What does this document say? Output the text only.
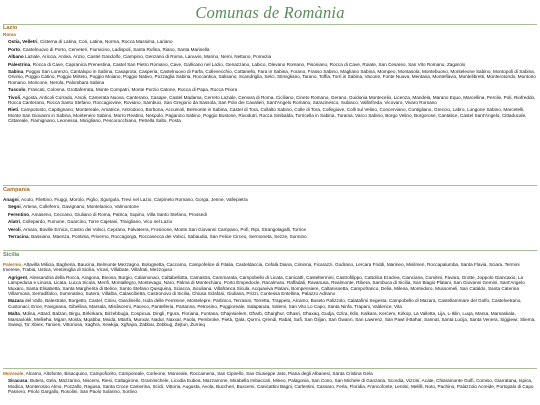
Comunas de Romània
Lazio

Roma

Ostia, Velletri, Cisterna di Latina, Cori, Latina, Norma, Rocca Massima, Lariano

Porto, Castelnuovo di Porto, Cerveteri, Fiumicino, Ladispoli, Santa Rufina, Riano, Santa Marinella

Albano Laziale, Ariccia, Ardea, Anzio, Castel Gandolfo, Ciampino, Genzano di Roma, Lanuvio, Marino, Nemi, Nettuno, Pomezia

Palestrina, Rocca di Cave, Capranica Prenestina, Castel San Pietro Romano, Cave, Gallicano nel Lazio, Genazzano, Labico, Olevano Romano, Pisoniano, Rocca di Cave, Roiate, San Cesareo, San Vito Romano, Zagarolo

Sabina, Poggio San Lorenzo, Cantalupo in Sabina, Casaprota, Casperia, Castelnuovo di Farfa, Collevecchio, Cottanello, Fara in Sabina, Forano, Frasso Sabino, Magliano Sabina, Mompeo, Montasola, Montebuono, Monteleone Sabino, Montopoli di Sabina, Orvinio, Poggio Catino, Poggio Mirteto, Poggio Moiano, Poggio Nativo, Pozzaglia Sabina, Roccantica, Salisano, Scandriglia, Selci, Stimigliano, Tarano, Toffia, Torri in Sabina, Vacone, Fonte Nuova, Mentana, Monteflavio, Montelibretti, Monterotondo, Montorio Romano, Moricone, Nerola, Palombara Sabina

Tuscolo, Frascati, Colonna, Grottaferrata, Monte Compatri, Monte Porzio Catone, Rocca di Papa, Rocca Priora

Tivoli, Agosta, Anticoli Corrado, Arsoli, Camerata Nuova, Canterano, Casape, Castel Madama, Cerreto Laziale, Cervara di Roma, Ciciliano, Cineto Romano, Gerano, Guidonia Montecelio, Licenza, Mandela, Marano Equo, Marcellina, Percile, Poli, Riofreddo, Rocca Canterano, Rocca Santo Stefano, Roccagiovine, Roviano, Sambuci, San Gregorio da Sassola, San Polo dei Cavalieri, Sant'Angelo Romano, Saracinesco, Subiaco, Vallinfreda, Vicovaro, Vivaro Romano

Rieti, Campotosto, Capitignano, Montereale, Amatrice, Antrodoco, Borbona, Accumoli, Belmonte in Sabina, Castel di Tora, Collalto Sabino, Colle di Tora, Collegiove, Colli sul Velino, Concerviano, Contigliano, Greccio, Labro, Longone Sabino, Marcetelli, Monte San Giovanni in Sabina, Montenero Sabino, Morro Reatino, Nespolo, Paganico Sabino, Poggio Bustone, Rivodutri, Rocca Sinibalda, Torricella in Sabina, Turania, Varco Sabino, Borgo Velino, Borgorose, Cantalice, Castel Sant'Angelo, Cittaducale, Cittareale, Fiamignano, Leonessa, Micigliano, Pescorocchiano, Petrella Salto, Posta

Campania

Anagni, Acuto, Filettino, Fiuggi, Morolo, Piglio, Sgurgola, Trevi nel Lazio, Carpineto Romano, Gorga, Jenne, Vallepietra

Segni, Artena, Colleferro, Gavignano, Montelanico, Valmontone

Ferentino, Amaseno, Ceccano, Giuliano di Roma, Patrica, Supino, Villa Santo Stefano, Prossedi

Alatri, Collepardo, Fumone, Guarcino, Torre Cajetani, Trivigliano, Vico nel Lazio

Veroli, Arnara, Boville Ernica, Castro dei Volsci, Ceprano, Falvaterra, Frosinone, Monte San Giovanni Campano, Pofi, Ripi, Strangolagalli, Torrice

Terracina, Bassiano, Maenza, Pontinia, Priverno, Roccagorga, Roccasecca dei Volsci, Sabaudia, San Felice Circeo, Sermoneta, Sezze, Sonnino

Sicilia

Palermo, Altavilla Milicia, Bagheria, Baucina, Belmonte Mezzagno, Bolognetta, Caccamo, Campofelice di Fitalia, Casteldaccia, Cefalà Diana, Ciminna, Ficarazzi, Godrano, Lercara Friddi, Marineo, Misilmeri, Roccapalumba, Santa Flavia, Sciara, Termini Imerese, Trabia, Ustica, Ventimiglia di Sicilia, Vicari, Villabate, Villafrati, Mezzojuso

Agrigent, Alessandria della Rocca, Aragona, Bivona, Burgio, Calamonaci, Caltabellotta, Camastra, Cammarata, Campobello di Licata, Canicattì, Castelterrnini, Castrofilippo, Cattolica Eraclea, Cianciana, Comitini, Favara, Grotte, Joppolo Giancaxio, La Lampedusa e Linosa, Licata, Lucca Sicula, Menfi, Montallegro, Montevago, Naro, Palma di Montechiaro, Porto Empedocle, Racalmuto, Raffadali, Ravanusa, Realmonte, Ribera, Sambuca di Sicilia, San Biagio Platani, San Giovanni Gemini, Sant'Angelo Muxaro, Santa Elisabetta, Santa Margherita di Belice, Santo Stefano Quisquina, Sciacca, Siculiana, Villafranca Sicula, Acquaviva Platani, Bompensiere, Caltanissetta, Campofranco, Delia, Milena, Montedoro, Mussomeli, San Cataldo, Santa Caterina Villarmosa, Serradifalco, Sommatino, Sutera, Villalba, Calascibetta, Castronovo di Sicilia, Chiusa Sclafani, Giuliana, Prizzi, Contessa Entellina, Palazzo Adriano

Mazara del Vallo, Balestrate, Borgetto, Castel, Cinisi, Giardinello, Isola delle Femmine, Montelepre, Partinico, Terrasini, Torretta, Trappeto, Alcamo, Buseto Palizzolo, Calatafimi Segesta, Campobello di Mazara, Castellammare del Golfo, Castelvetrano, Custonaci, Erice, Favignana, Gibellina, Marsala, Misiliscemi, Paceco, Pantelleria, Partanna, Petrosino, Poggioreale, Salaparuta, Salemi, San Vito Lo Capo, Santa Ninfa, Trapani, Valderice, Vita

Malta, Mdina, Attard, Balzan, Birgu, Birkirkara, Birżebbuġa, Cospicua, Dingli, Fgura, Floriana, Fontana, Għajnsielem, Għarb, Għargħur, Għasri, Għaxaq, Gudja, Gżira, Iklin, Kalkara, Kerċem, Kirkop, La Valletta, Lija, L-Iklin, Luqa, Marsa, Marsaskala, Marsaxlokk, Mellieħa, Mġarr, Mosta, Mqabba, Msida, Mtarfa, Munxar, Nadur, Naxxar, Paola, Pembroke, Pietà, Qala, Qormi, Qrendi, Rabat, Safi, San Ġiljan, San Ġwann, San Lawrenz, San Pawl il-Baħar, Sannat, Santa Luċija, Santa Venera, Siġġiewi, Sliema, Swieqi, Ta' Xbiex, Tarxien, Vittoriosa, Xagħra, Xewkija, Xgħajra, Żabbar, Żebbuġ, Żejtun, Żurrieq

Monreale, Alcamo, Altofonte, Bisacquino, Campofiorito, Camporeale, Corleone, Monreale, Roccamena, San Cipirello, San Giuseppe Jato, Piana degli Albanesi, Santa Cristina Gela

Siracusa, Butera, Gela, Mazzarino, Niscemi, Riesi, Caltagirone, Grammichele, Licodia Eubea, Mazzarrone, Mirabella Imbaccari, Mineo, Palagonia, San Cono, San Michele di Ganzaria, Scordia, Vizzini, Acate, Chiaramonte Gulfi, Comiso, Giarratana, Ispica, Modica, Monterosso Almo, Pozzallo, Ragusa, Santa Croce Camerina, Scicli, Vittoria, Augusta, Avola, Buccheri, Buscemi, Canicattini Bagni, Carlentini, Cassaro, Ferla, Floridia, Francofonte, Lentini, Melilli, Noto, Pachino, Palazzolo Acreide, Portopalo di Capo Passero, Priolo Gargallo, Rosolini, San Paolo Solarino, Sortino
